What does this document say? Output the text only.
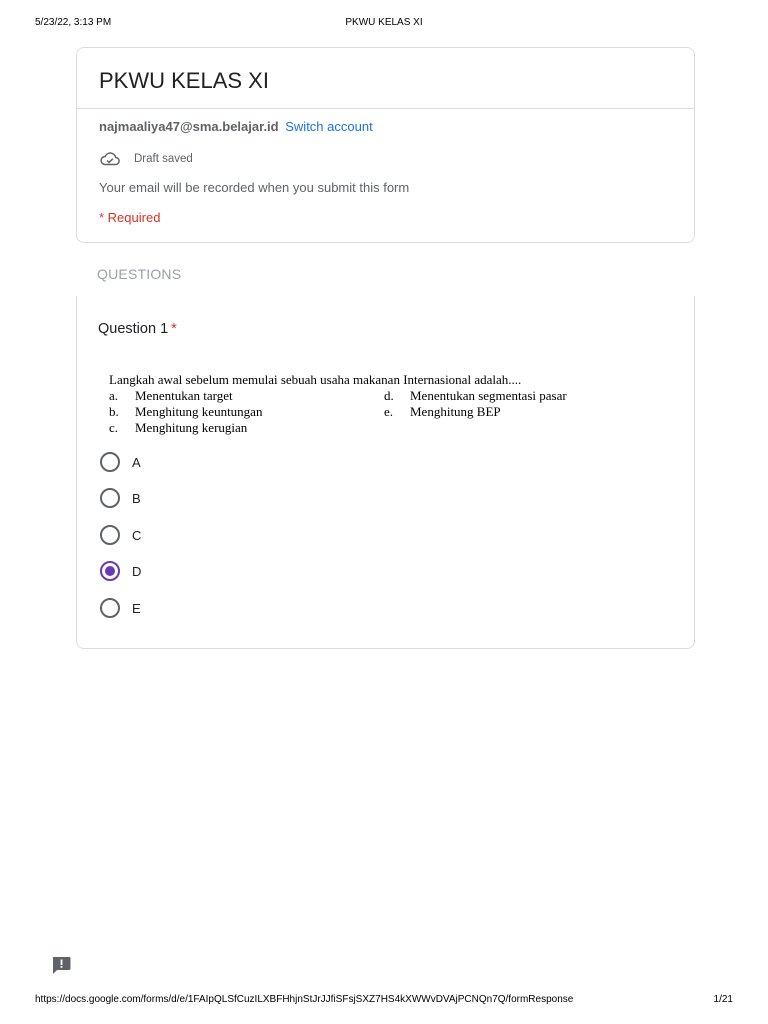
5/23/22, 3:13 PM	PKWU KELAS XI
PKWU KELAS XI
najmaaliya47@sma.belajar.id Switch account
Draft saved
Your email will be recorded when you submit this form
* Required
QUESTIONS
Question 1 *
Langkah awal sebelum memulai sebuah usaha makanan Internasional adalah....
a.	Menentukan target	d.	Menentukan segmentasi pasar
b.	Menghitung keuntungan	e.	Menghitung BEP
c.	Menghitung kerugian
A
B
C
D
E
https://docs.google.com/forms/d/e/1FAIpQLSfCuzILXBFHhjnStJrJJfiSFsjSXZ7HS4kXWWvDVAjPCNQn7Q/formResponse	1/21
